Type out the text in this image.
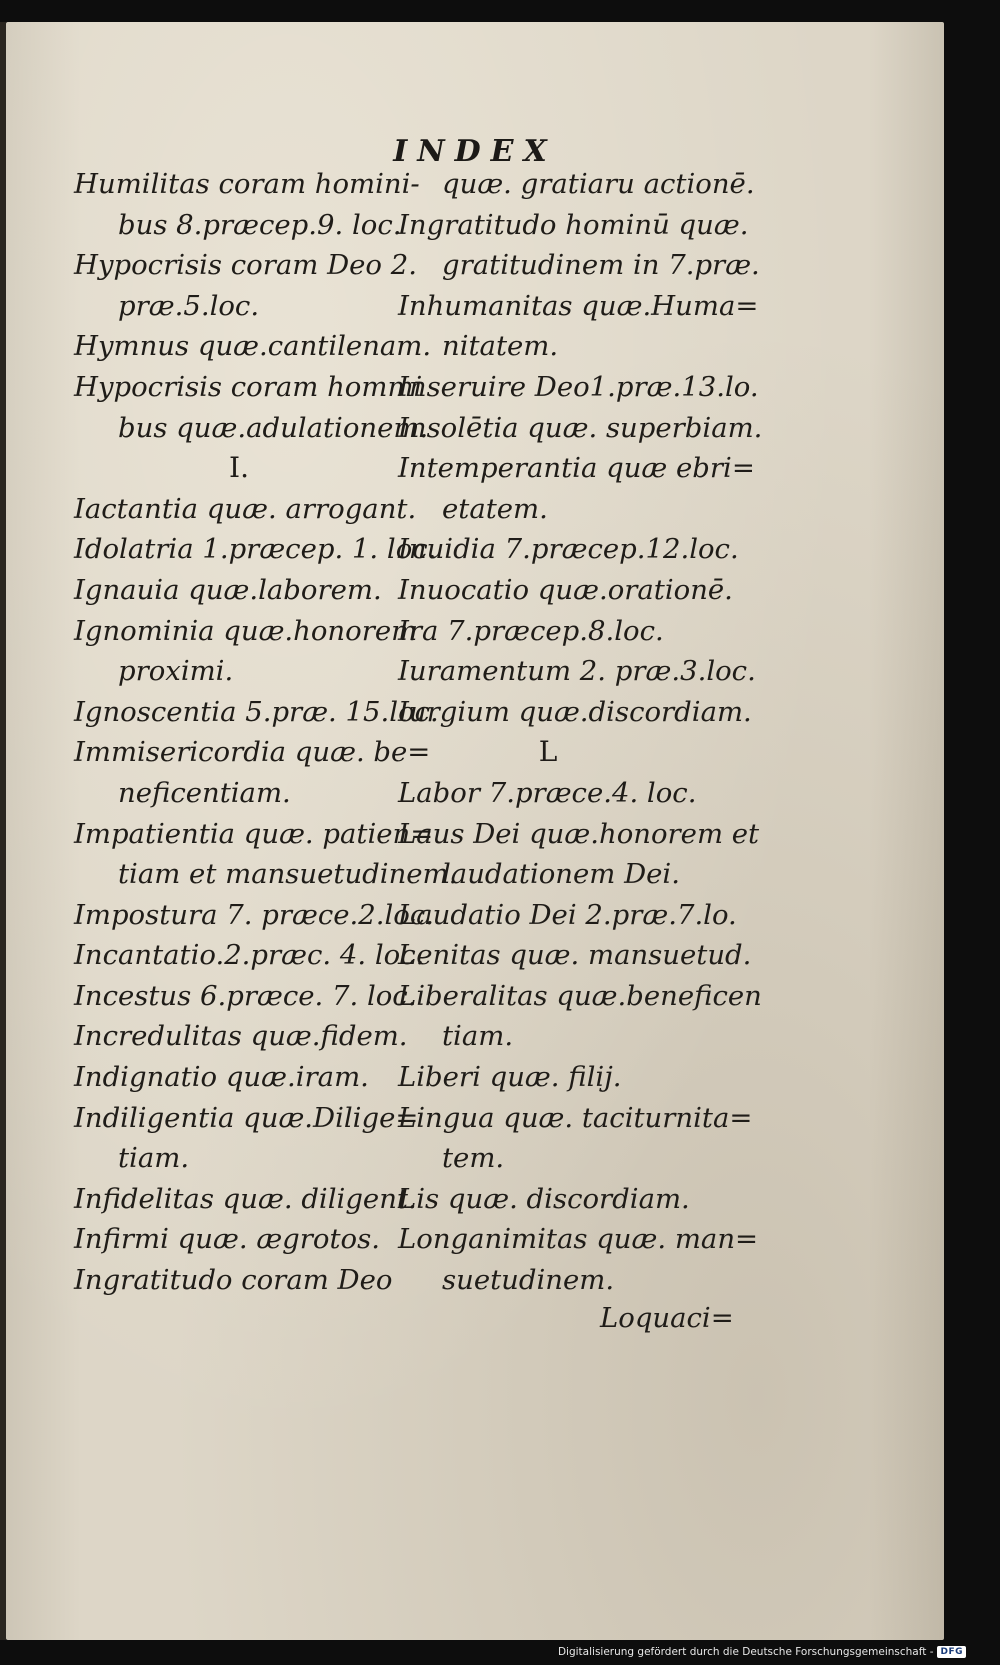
INDEX
Humilitas coram homini-
bus 8.præcep.9. loc.
Hypocrisis coram Deo 2.
præ.5.loc.
Hymnus quæ.cantilenam.
Hypocrisis coram hommi
bus quæ.adulationem.
I.
Iactantia quæ. arrogant.
Idolatria 1.præcep. 1. loc.
Ignauia quæ.laborem.
Ignominia quæ.honorem
proximi.
Ignoscentia 5.præ. 15.loc.
Immisericordia quæ. be=
neficentiam.
Impatientia quæ. patien=
tiam et mansuetudinem.
Impostura 7. præce.2.loc.
Incantatio.2.præc. 4. loc.
Incestus 6.præce. 7. loc.
Incredulitas quæ.fidem.
Indignatio quæ.iram.
Indiligentia quæ.Dilige=
tiam.
Infidelitas quæ. diligent.
Infirmi quæ. ægrotos.
Ingratitudo coram Deo
quæ. gratiaru actionē.
Ingratitudo hominū quæ.
gratitudinem in 7.præ.
Inhumanitas quæ.Huma=
nitatem.
Inseruire Deo1.præ.13.lo.
Insolētia quæ. superbiam.
Intemperantia quæ ebri=
etatem.
Inuidia 7.præcep.12.loc.
Inuocatio quæ.orationē.
Ira 7.præcep.8.loc.
Iuramentum 2. præ.3.loc.
Iurgium quæ.discordiam.
L
Labor 7.præce.4. loc.
Laus Dei quæ.honorem et
laudationem Dei.
Laudatio Dei 2.præ.7.lo.
Lenitas quæ. mansuetud.
Liberalitas quæ.beneficen
tiam.
Liberi quæ. filij.
Lingua quæ. taciturnita=
tem.
Lis quæ. discordiam.
Longanimitas quæ. man=
suetudinem.
Loquaci=
Digitalisierung gefördert durch die Deutsche Forschungsgemeinschaft - DFG
